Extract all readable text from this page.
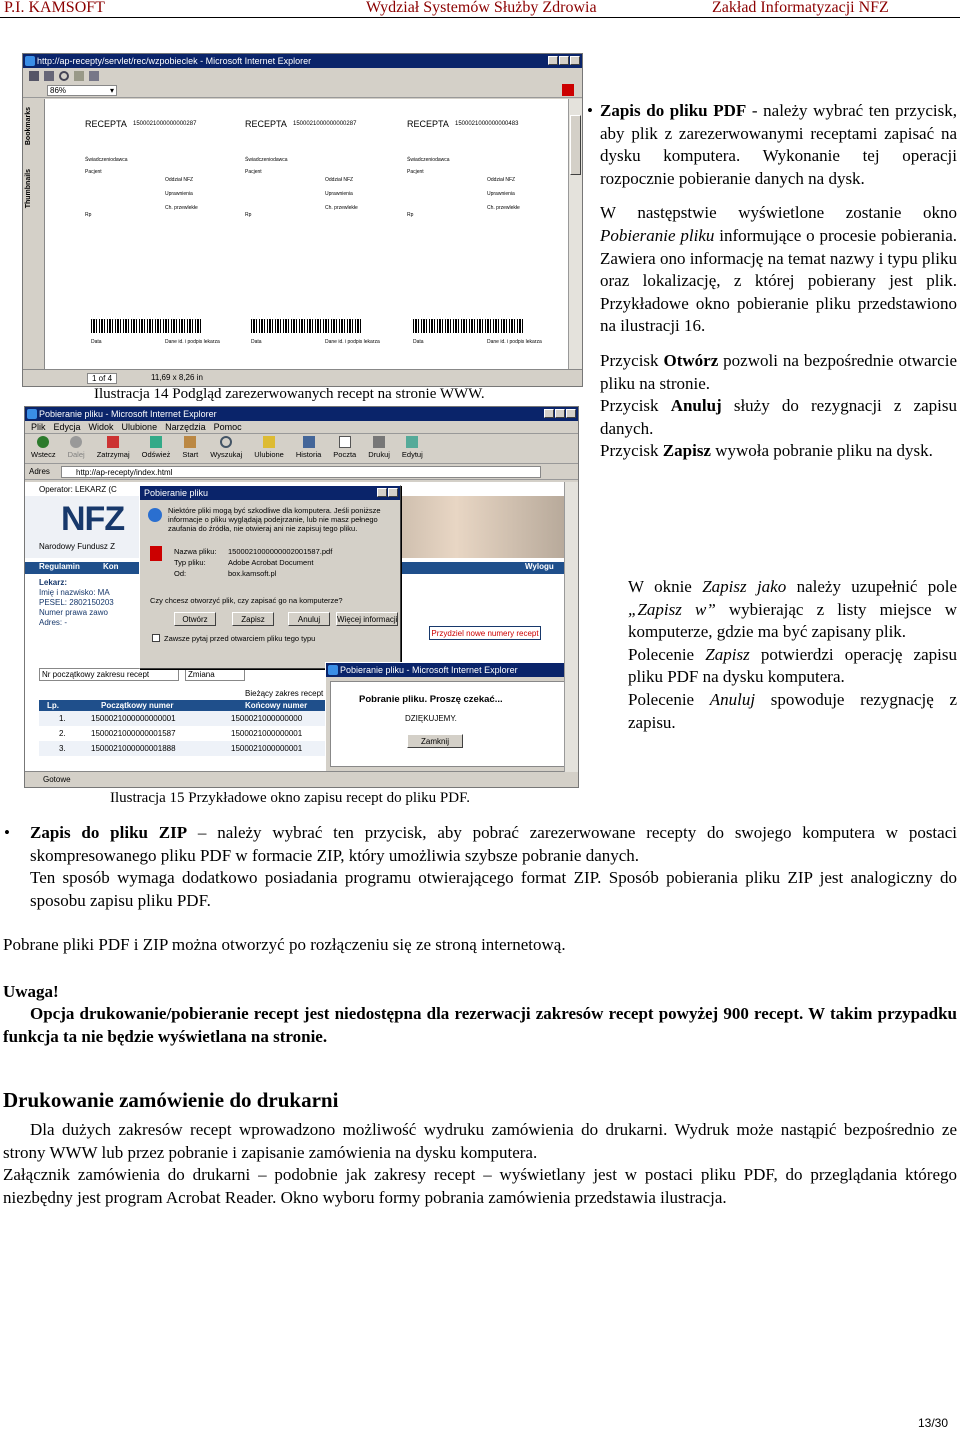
P.I. KAMSOFT	Wydział Systemów Służby Zdrowia	Zakład Informatyzacji NFZ
http://ap-recepty/servlet/rec/wzpobieclek - Microsoft Internet Explorer
86%	▾
Bookmarks
Thumbnails
RECEPTA 1500021000000000287
Świadczeniodawca
Pacjent
Oddział NFZ
Uprawnienia
Ch. przewlekłe
Rp
Data	Dane id. i podpis lekarza
RECEPTA 1500021000000000287
Świadczeniodawca
Pacjent
Oddział NFZ
Uprawnienia
Ch. przewlekłe
Rp
Data	Dane id. i podpis lekarza
RECEPTA 1500021000000000483
Świadczeniodawca
Pacjent
Oddział NFZ
Uprawnienia
Ch. przewlekłe
Rp
Data	Dane id. i podpis lekarza
1 of 4	11,69 x 8,26 in
Ilustracja 14 Podgląd zarezerwowanych recept na stronie WWW.

• Zapis do pliku PDF - należy wybrać ten przycisk, aby plik z zarezerwowanymi receptami zapisać na dysku komputera. Wykonanie tej operacji rozpocznie pobieranie danych na dysk.

W następstwie wyświetlone zostanie okno Pobieranie pliku informujące o procesie pobierania. Zawiera ono informację na temat nazwy i typu pliku oraz lokalizację, z której pobierany jest plik. Przykładowe okno pobieranie pliku przedstawiono na ilustracji 16.

Przycisk Otwórz pozwoli na bezpośrednie otwarcie pliku na stronie.

Przycisk Anuluj służy do rezygnacji z zapisu danych.

Przycisk Zapisz wywoła pobranie pliku na dysk.

W oknie Zapisz jako należy uzupełnić pole „Zapisz w” wybierając z listy miejsce w komputerze, gdzie ma być zapisany plik.

Polecenie Zapisz potwierdzi operację zapisu pliku PDF na dysku komputera.

Polecenie Anuluj spowoduje rezygnację z zapisu.

Pobieranie pliku - Microsoft Internet Explorer
Plik Edycja Widok Ulubione Narzędzia Pomoc
Wstecz Dalej Zatrzymaj Odśwież Start Wyszukaj Ulubione Historia Poczta Drukuj Edytuj
Adres	http://ap-recepty/index.html
Operator: LEKARZ (C
NFZ
Narodowy Fundusz Z
Regulamin	Kon	Wylogu
Lekarz:
Imię i nazwisko: MA
PESEL: 2802150203
Numer prawa zawo
Adres: -
Nr początkowy zakresu recept	Zmiana
Przydziel nowe numery recept
Bieżący zakres recept
Lp.	Początkowy numer	Końcowy numer
1.	1500021000000000001	1500021000000000
2.	1500021000000001587	1500021000000001
3.	1500021000000001888	1500021000000001
Pobieranie pliku
Niektóre pliki mogą być szkodliwe dla komputera. Jeśli poniższe informacje o pliku wyglądają podejrzanie, lub nie masz pełnego zaufania do źródła, nie otwieraj ani nie zapisuj tego pliku.
Nazwa pliku: 1500021000000002001587.pdf
Typ pliku:	Adobe Acrobat Document
Od:	box.kamsoft.pl
Czy chcesz otworzyć plik, czy zapisać go na komputerze?
Otwórz	Zapisz	Anuluj	Więcej informacji
Zawsze pytaj przed otwarciem pliku tego typu
Pobieranie pliku - Microsoft Internet Explorer
Pobranie pliku. Proszę czekać...
DZIĘKUJEMY.
Zamknij
Gotowe
Ilustracja 15 Przykładowe okno zapisu recept do pliku PDF.
• Zapis do pliku ZIP – należy wybrać ten przycisk, aby pobrać zarezerwowane recepty do swojego komputera w postaci skompresowanego pliku PDF w formacie ZIP, który umożliwia szybsze pobranie danych.

Ten sposób wymaga dodatkowo posiadania programu otwierającego format ZIP. Sposób pobierania pliku ZIP jest analogiczny do sposobu zapisu pliku PDF.

Pobrane pliki PDF i ZIP można otworzyć po rozłączeniu się ze stroną internetową.

Uwaga!

Opcja drukowanie/pobieranie recept jest niedostępna dla rezerwacji zakresów recept powyżej 900 recept. W takim przypadku funkcja ta nie będzie wyświetlana na stronie.

Drukowanie zamówienie do drukarni

Dla dużych zakresów recept wprowadzono możliwość wydruku zamówienia do drukarni. Wydruk może nastąpić bezpośrednio ze strony WWW lub przez pobranie i zapisanie zamówienia na dysku komputera.

Załącznik zamówienia do drukarni – podobnie jak zakresy recept – wyświetlany jest w postaci pliku PDF, do przeglądania którego niezbędny jest program Acrobat Reader. Okno wyboru formy pobrania zamówienia przedstawia ilustracja.

13/30
